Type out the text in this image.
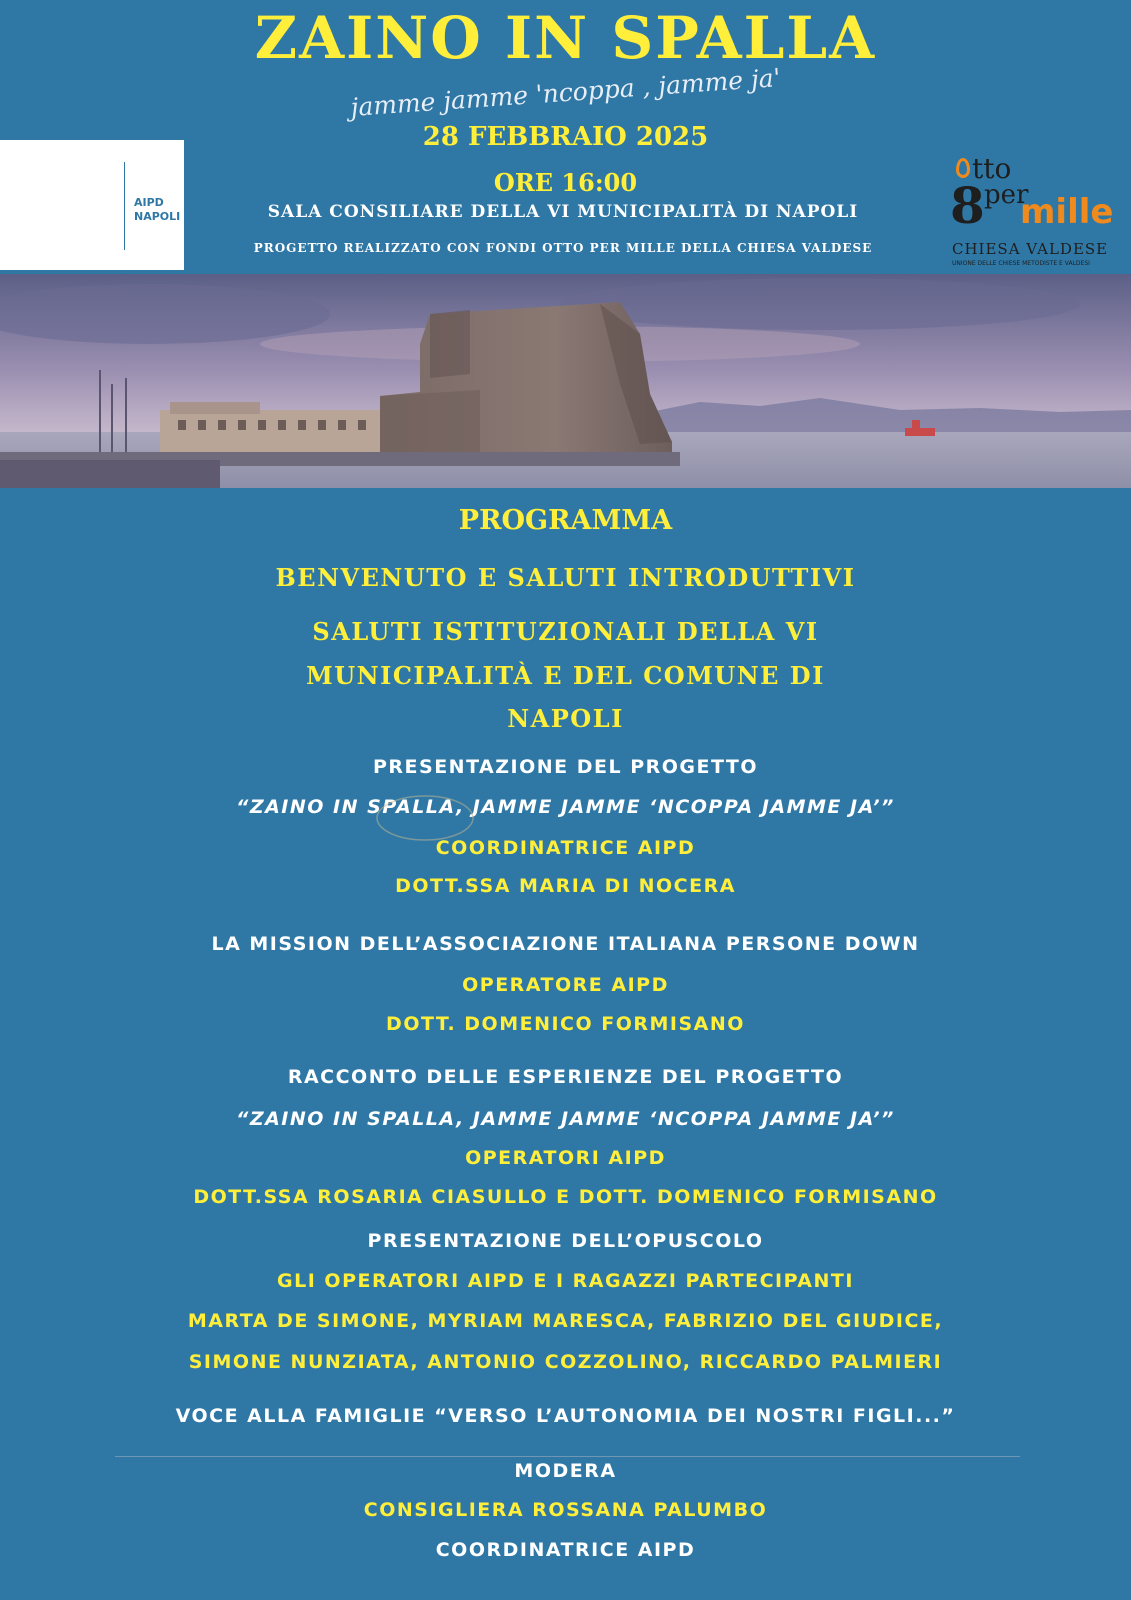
ZAINO IN SPALLA
jamme jamme 'ncoppa , jamme ja'
28 FEBBRAIO 2025
ORE 16:00
SALA CONSILIARE DELLA VI MUNICIPALITÀ DI NAPOLI
PROGETTO REALIZZATO CON FONDI OTTO PER MILLE DELLA CHIESA VALDESE
APS-ETS
ASSOCIAZIONE
ITALIANA
PERSONE
DOWN
AIPD
NAPOLI
tto
8 per
mille
CHIESA VALDESE
UNIONE DELLE CHIESE METODISTE E VALDESI
PROGRAMMA
BENVENUTO E SALUTI INTRODUTTIVI
SALUTI ISTITUZIONALI DELLA VI
MUNICIPALITÀ E DEL COMUNE DI
NAPOLI
PRESENTAZIONE DEL PROGETTO
“ZAINO IN SPALLA, JAMME JAMME ‘NCOPPA JAMME JA’”
COORDINATRICE AIPD
DOTT.SSA MARIA DI NOCERA
LA MISSION DELL’ASSOCIAZIONE ITALIANA PERSONE DOWN
OPERATORE AIPD
DOTT. DOMENICO FORMISANO
RACCONTO DELLE ESPERIENZE DEL PROGETTO
“ZAINO IN SPALLA, JAMME JAMME ‘NCOPPA JAMME JA’”
OPERATORI AIPD
DOTT.SSA ROSARIA CIASULLO E DOTT. DOMENICO FORMISANO
PRESENTAZIONE DELL’OPUSCOLO
GLI OPERATORI AIPD E I RAGAZZI PARTECIPANTI
MARTA DE SIMONE, MYRIAM MARESCA, FABRIZIO DEL GIUDICE,
SIMONE NUNZIATA, ANTONIO COZZOLINO, RICCARDO PALMIERI
VOCE ALLA FAMIGLIE “VERSO L’AUTONOMIA DEI NOSTRI FIGLI...”
MODERA
CONSIGLIERA ROSSANA PALUMBO
COORDINATRICE AIPD
